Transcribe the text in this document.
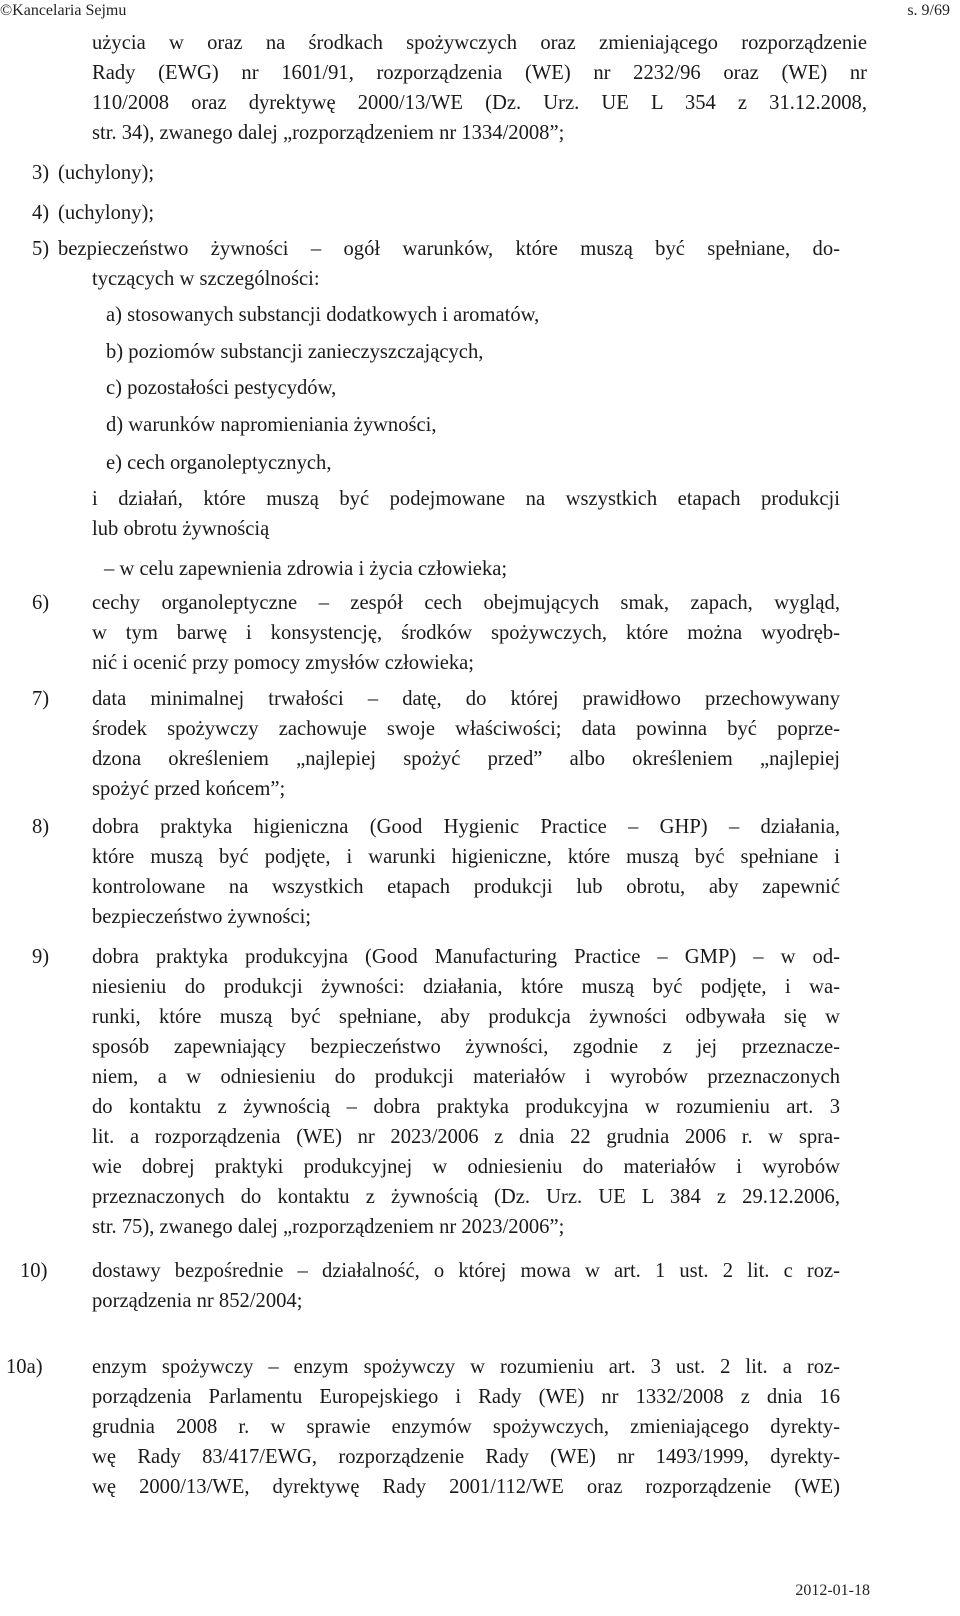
©Kancelaria Sejmu	s. 9/69
użycia w oraz na środkach spożywczych oraz zmieniającego rozporządzenie
Rady (EWG) nr 1601/91, rozporządzenia (WE) nr 2232/96 oraz (WE) nr
110/2008 oraz dyrektywę 2000/13/WE (Dz. Urz. UE L 354 z 31.12.2008,
str. 34), zwanego dalej „rozporządzeniem nr 1334/2008”;
3) (uchylony);
4) (uchylony);
5) bezpieczeństwo żywności – ogół warunków, które muszą być spełniane, do-
tyczących w szczególności:
a) stosowanych substancji dodatkowych i aromatów,
b) poziomów substancji zanieczyszczających,
c) pozostałości pestycydów,
d) warunków napromieniania żywności,
e) cech organoleptycznych,
i działań, które muszą być podejmowane na wszystkich etapach produkcji
lub obrotu żywnością
– w celu zapewnienia zdrowia i życia człowieka;
6) cechy organoleptyczne – zespół cech obejmujących smak, zapach, wygląd,
w tym barwę i konsystencję, środków spożywczych, które można wyodręb-
nić i ocenić przy pomocy zmysłów człowieka;
7) data minimalnej trwałości – datę, do której prawidłowo przechowywany
środek spożywczy zachowuje swoje właściwości; data powinna być poprze-
dzona określeniem „najlepiej spożyć przed” albo określeniem „najlepiej
spożyć przed końcem”;
8) dobra praktyka higieniczna (Good Hygienic Practice – GHP) – działania,
które muszą być podjęte, i warunki higieniczne, które muszą być spełniane i
kontrolowane na wszystkich etapach produkcji lub obrotu, aby zapewnić
bezpieczeństwo żywności;
9) dobra praktyka produkcyjna (Good Manufacturing Practice – GMP) – w od-
niesieniu do produkcji żywności: działania, które muszą być podjęte, i wa-
runki, które muszą być spełniane, aby produkcja żywności odbywała się w
sposób zapewniający bezpieczeństwo żywności, zgodnie z jej przeznacze-
niem, a w odniesieniu do produkcji materiałów i wyrobów przeznaczonych
do kontaktu z żywnością – dobra praktyka produkcyjna w rozumieniu art. 3
lit. a rozporządzenia (WE) nr 2023/2006 z dnia 22 grudnia 2006 r. w spra-
wie dobrej praktyki produkcyjnej w odniesieniu do materiałów i wyrobów
przeznaczonych do kontaktu z żywnością (Dz. Urz. UE L 384 z 29.12.2006,
str. 75), zwanego dalej „rozporządzeniem nr 2023/2006”;
10) dostawy bezpośrednie – działalność, o której mowa w art. 1 ust. 2 lit. c roz-
porządzenia nr 852/2004;
10a) enzym spożywczy – enzym spożywczy w rozumieniu art. 3 ust. 2 lit. a roz-
porządzenia Parlamentu Europejskiego i Rady (WE) nr 1332/2008 z dnia 16
grudnia 2008 r. w sprawie enzymów spożywczych, zmieniającego dyrekty-
wę Rady 83/417/EWG, rozporządzenie Rady (WE) nr 1493/1999, dyrekty-
wę 2000/13/WE, dyrektywę Rady 2001/112/WE oraz rozporządzenie (WE)
2012-01-18
